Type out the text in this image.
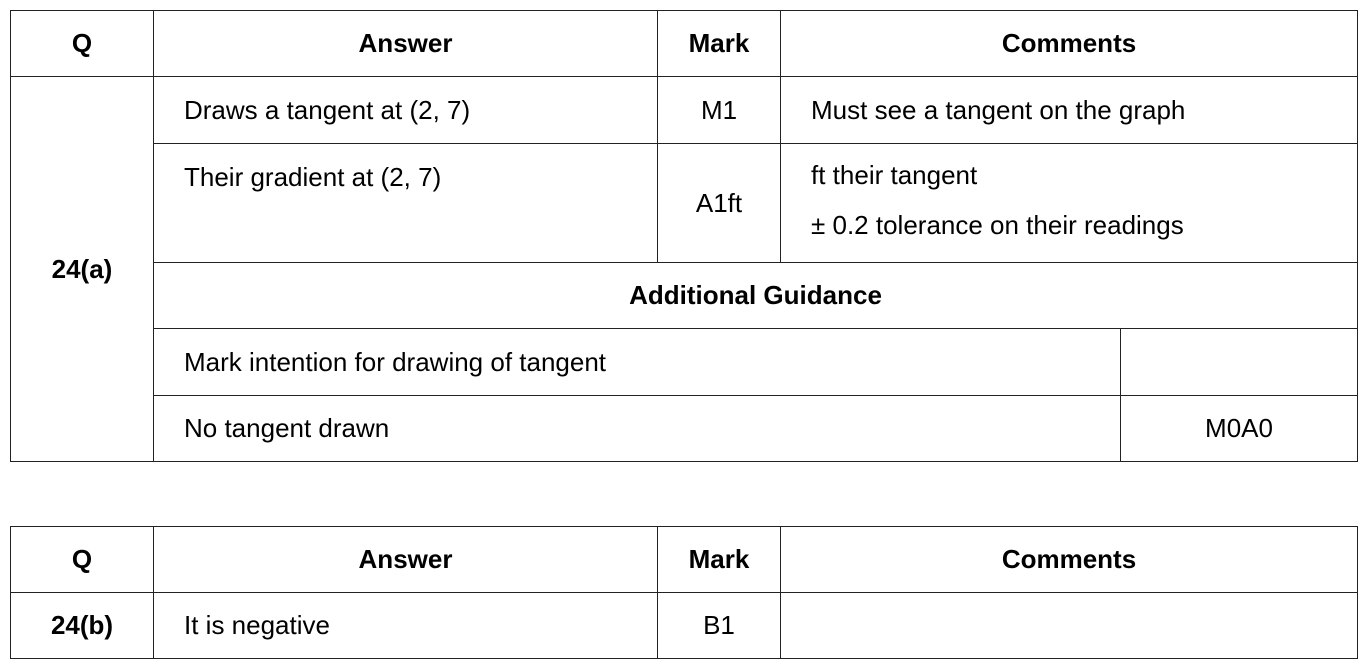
Q	Answer	Mark	Comments	
24(a)	Draws a tangent at (2, 7)	M1	Must see a tangent on the graph	
	Their gradient at (2, 7)	A1ft	ft their tangent
± 0.2 tolerance on their readings	

	Additional Guidance			
	Mark intention for drawing of tangent			
	No tangent drawn			M0A0
Q	Answer	Mark	Comments
24(b)	It is negative	B1	
